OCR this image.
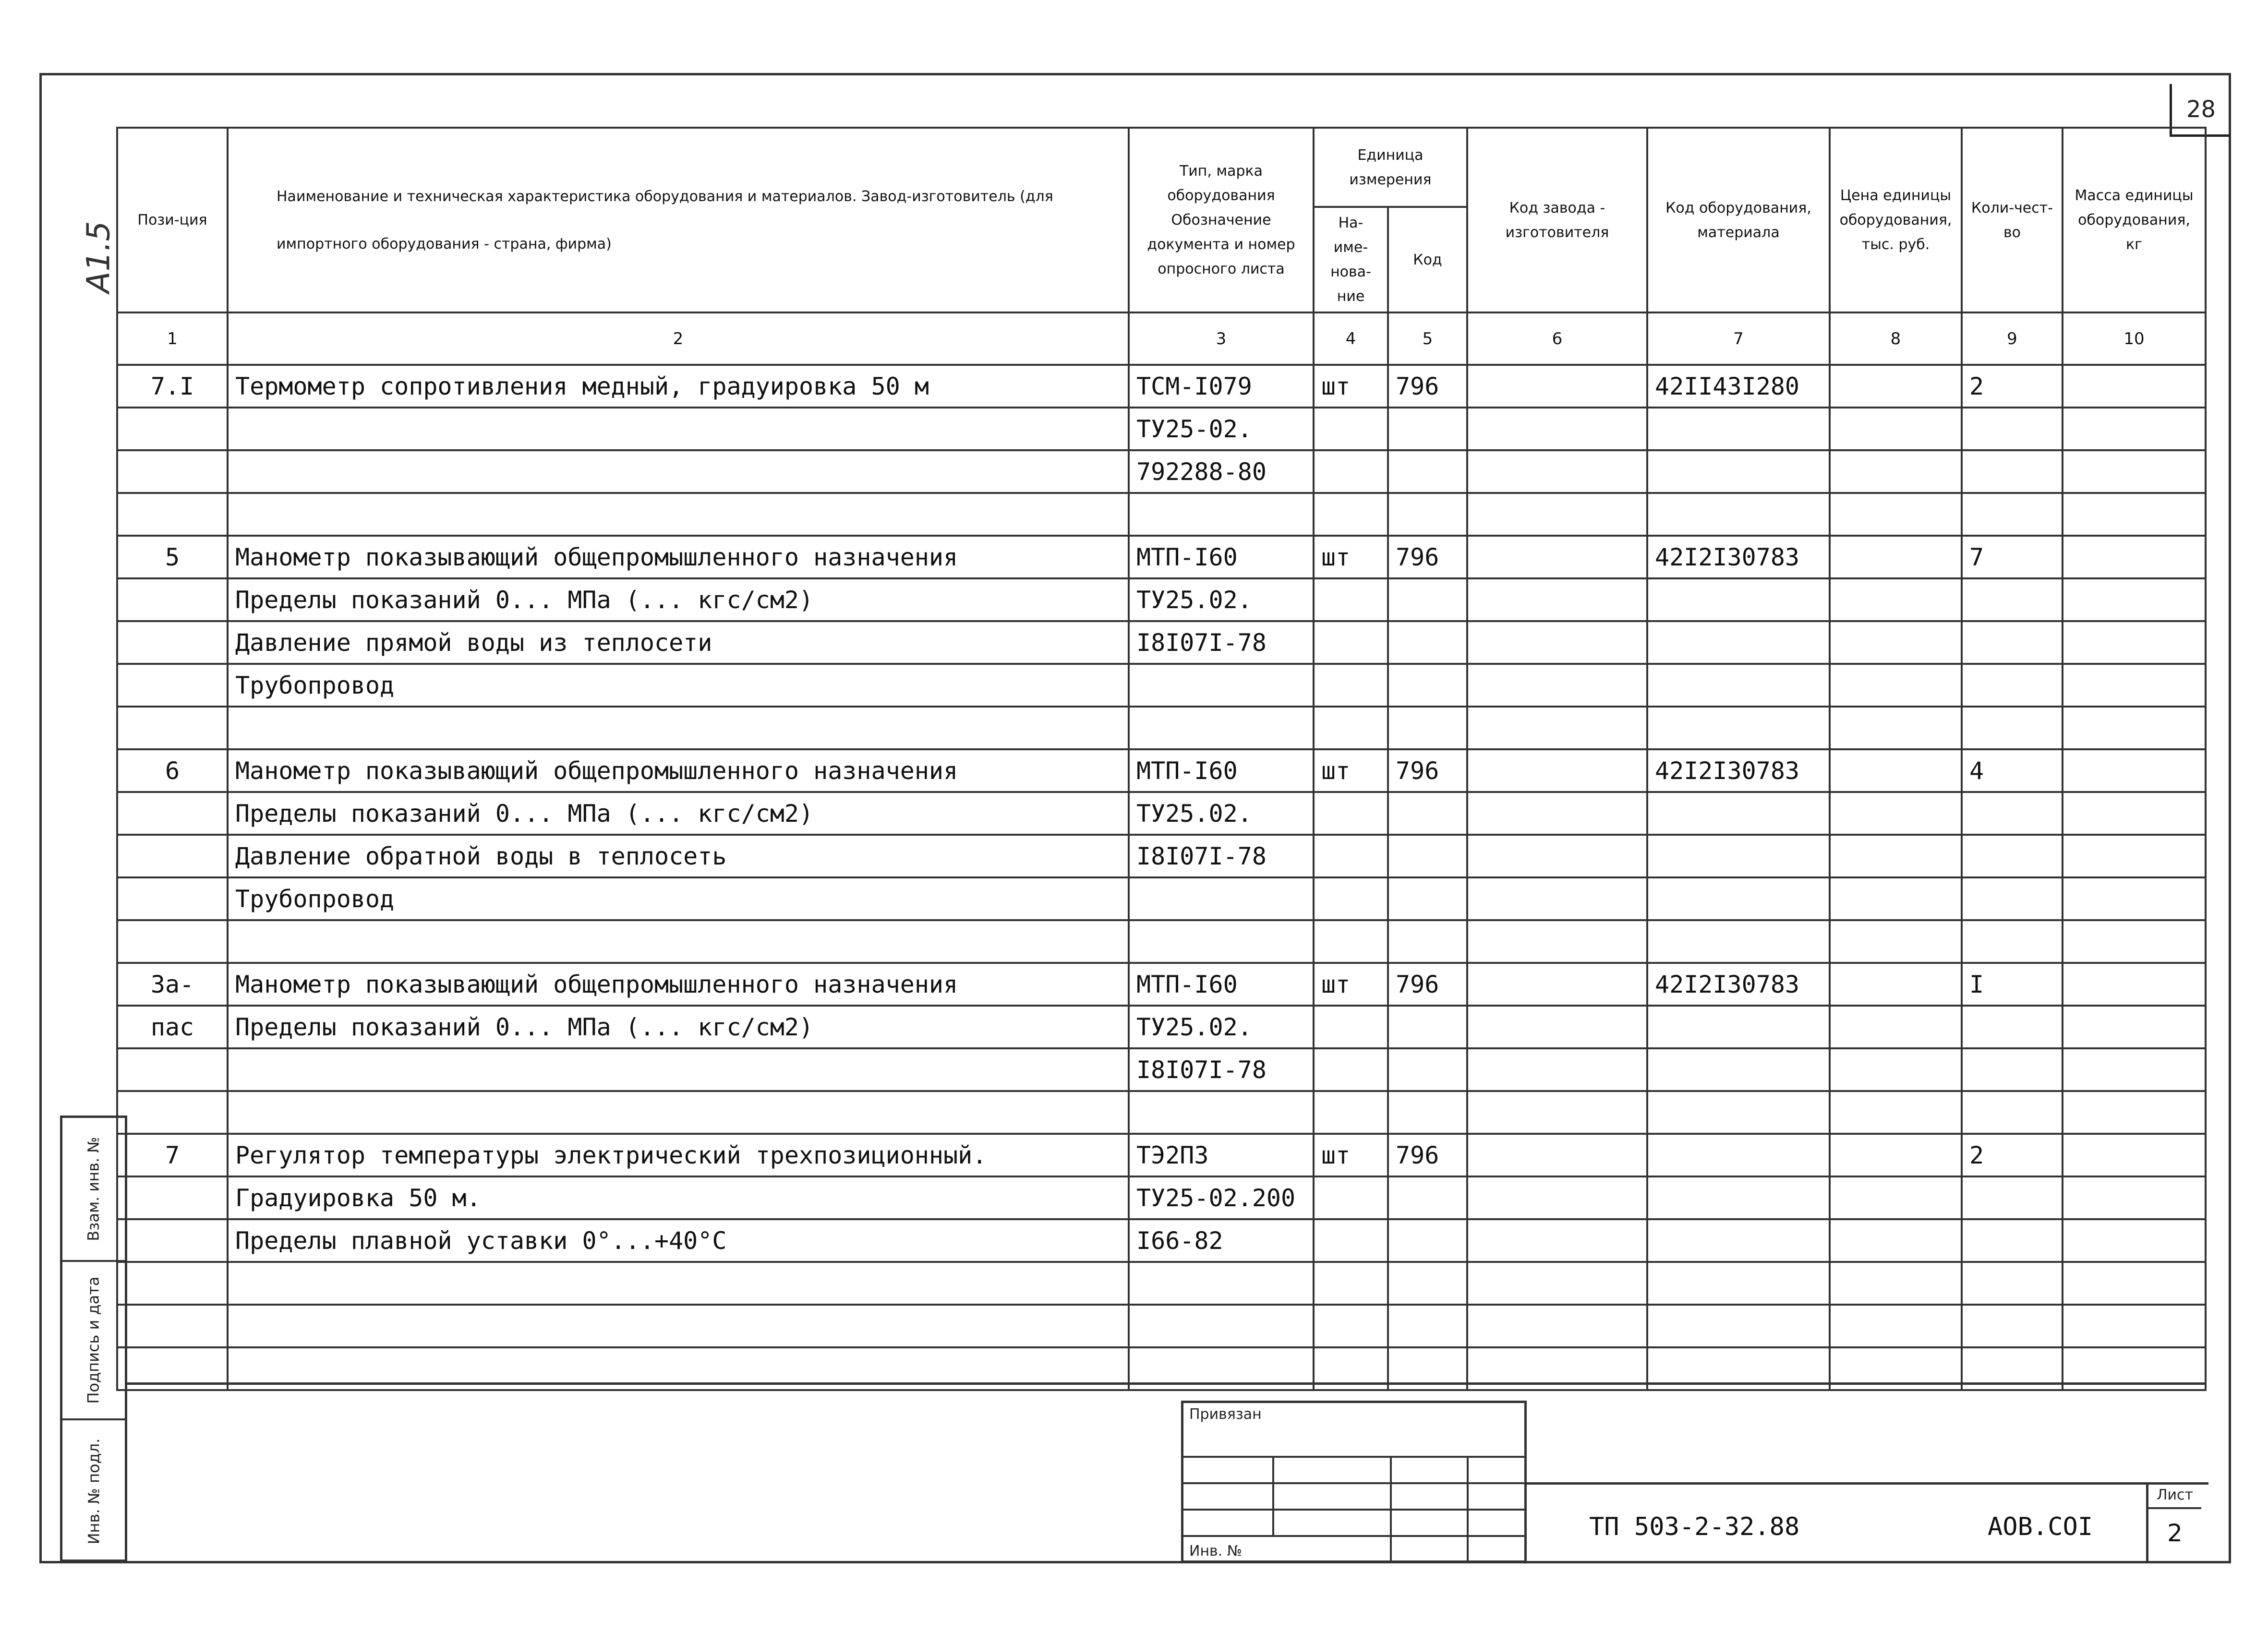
28
A1.5
Пози-ция	Наименование и техническая характеристика оборудования и материалов. Завод-изготовитель (для импортного оборудования - страна, фирма)	Тип, марка оборудования Обозначение документа и номер опросного листа	Единица измерения		Код завода - изготовителя	Код оборудования, материала	Цена единицы оборудования, тыс. руб.	Коли-чест-во	Масса единицы оборудования, кг
			На-име-нова-ние	Код					
1	2	3	4	5	6	7	8	9	10
7.I	Термометр сопротивления медный, градуировка 50 м	ТСМ-I079	шт	796		42II43I280		2	
		ТУ25-02.							
		792288-80							

5	Манометр показывающий общепромышленного назначения	МТП-I60	шт	796		42I2I30783		7	
	Пределы показаний 0... МПа (... кгс/см2)	ТУ25.02.							
	Давление прямой воды из теплосети	I8I07I-78							
	Трубопровод								

6	Манометр показывающий общепромышленного назначения	МТП-I60	шт	796		42I2I30783		4	
	Пределы показаний 0... МПа (... кгс/см2)	ТУ25.02.							
	Давление обратной воды в теплосеть	I8I07I-78							
	Трубопровод								

За-	Манометр показывающий общепромышленного назначения	МТП-I60	шт	796		42I2I30783		I	
пас	Пределы показаний 0... МПа (... кгс/см2)	ТУ25.02.							
		I8I07I-78							

7	Регулятор температуры электрический трехпозиционный.	ТЭ2П3	шт	796				2	
	Градуировка 50 м.	ТУ25-02.200							
	Пределы плавной уставки 0°...+40°С	I66-82							

Взам. инв. №
Подпись и дата
Инв. № подл.
Привязан
Инв. №
ТП 503-2-32.88	АОВ.СОI
Лист
2
